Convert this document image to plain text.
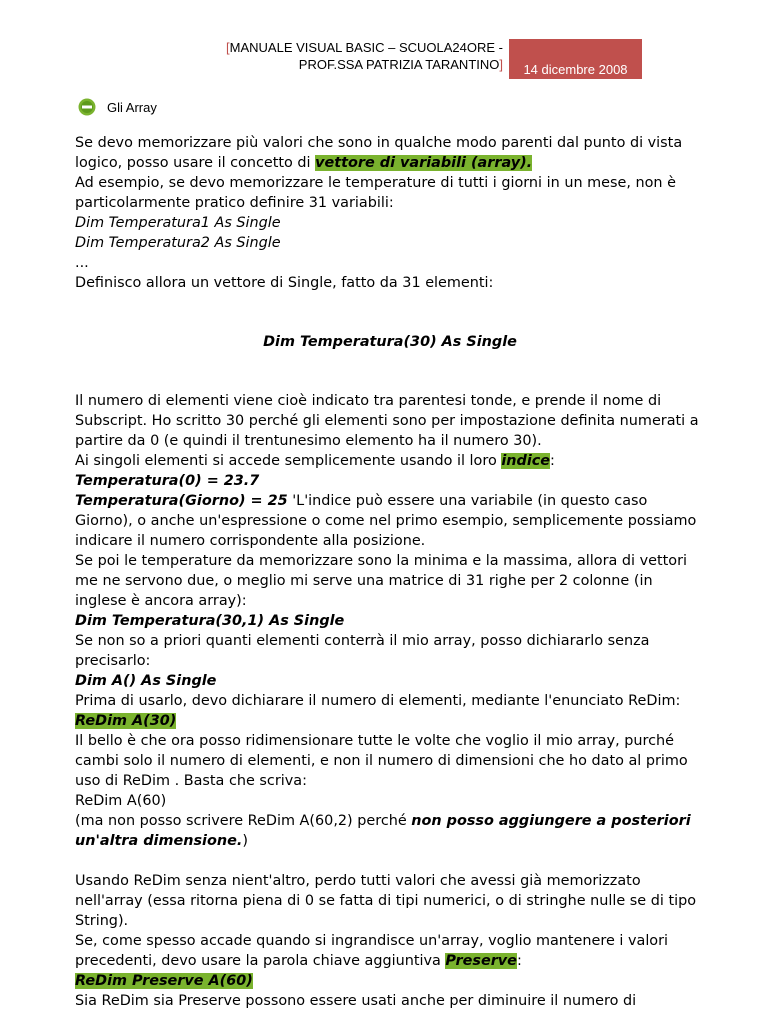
[MANUALE VISUAL BASIC – SCUOLA24ORE -
PROF.SSA PATRIZIA TARANTINO] 14 dicembre 2008
Gli Array

Se devo memorizzare più valori che sono in qualche modo parenti dal punto di vista logico, posso usare il concetto di vettore di variabili (array).

Ad esempio, se devo memorizzare le temperature di tutti i giorni in un mese, non è particolarmente pratico definire 31 variabili:

Dim Temperatura1 As Single

Dim Temperatura2 As Single

...

Definisco allora un vettore di Single, fatto da 31 elementi:

Dim Temperatura(30) As Single

Il numero di elementi viene cioè indicato tra parentesi tonde, e prende il nome di Subscript. Ho scritto 30 perché gli elementi sono per impostazione definita numerati a partire da 0 (e quindi il trentunesimo elemento ha il numero 30).

Ai singoli elementi si accede semplicemente usando il loro indice:

Temperatura(0) = 23.7

Temperatura(Giorno) = 25 'L'indice può essere una variabile (in questo caso Giorno), o anche un'espressione o come nel primo esempio, semplicemente possiamo indicare il numero corrispondente alla posizione.

Se poi le temperature da memorizzare sono la minima e la massima, allora di vettori me ne servono due, o meglio mi serve una matrice di 31 righe per 2 colonne (in inglese è ancora array):

Dim Temperatura(30,1) As Single

Se non so a priori quanti elementi conterrà il mio array, posso dichiararlo senza precisarlo:

Dim A() As Single

Prima di usarlo, devo dichiarare il numero di elementi, mediante l'enunciato ReDim:

ReDim A(30)

Il bello è che ora posso ridimensionare tutte le volte che voglio il mio array, purché cambi solo il numero di elementi, e non il numero di dimensioni che ho dato al primo uso di ReDim . Basta che scriva:

ReDim A(60)

(ma non posso scrivere ReDim A(60,2) perché non posso aggiungere a posteriori un'altra dimensione.)

Usando ReDim senza nient'altro, perdo tutti valori che avessi già memorizzato nell'array (essa ritorna piena di 0 se fatta di tipi numerici, o di stringhe nulle se di tipo String).

Se, come spesso accade quando si ingrandisce un'array, voglio mantenere i valori precedenti, devo usare la parola chiave aggiuntiva Preserve:

ReDim Preserve A(60)

Sia ReDim sia Preserve possono essere usati anche per diminuire il numero di
